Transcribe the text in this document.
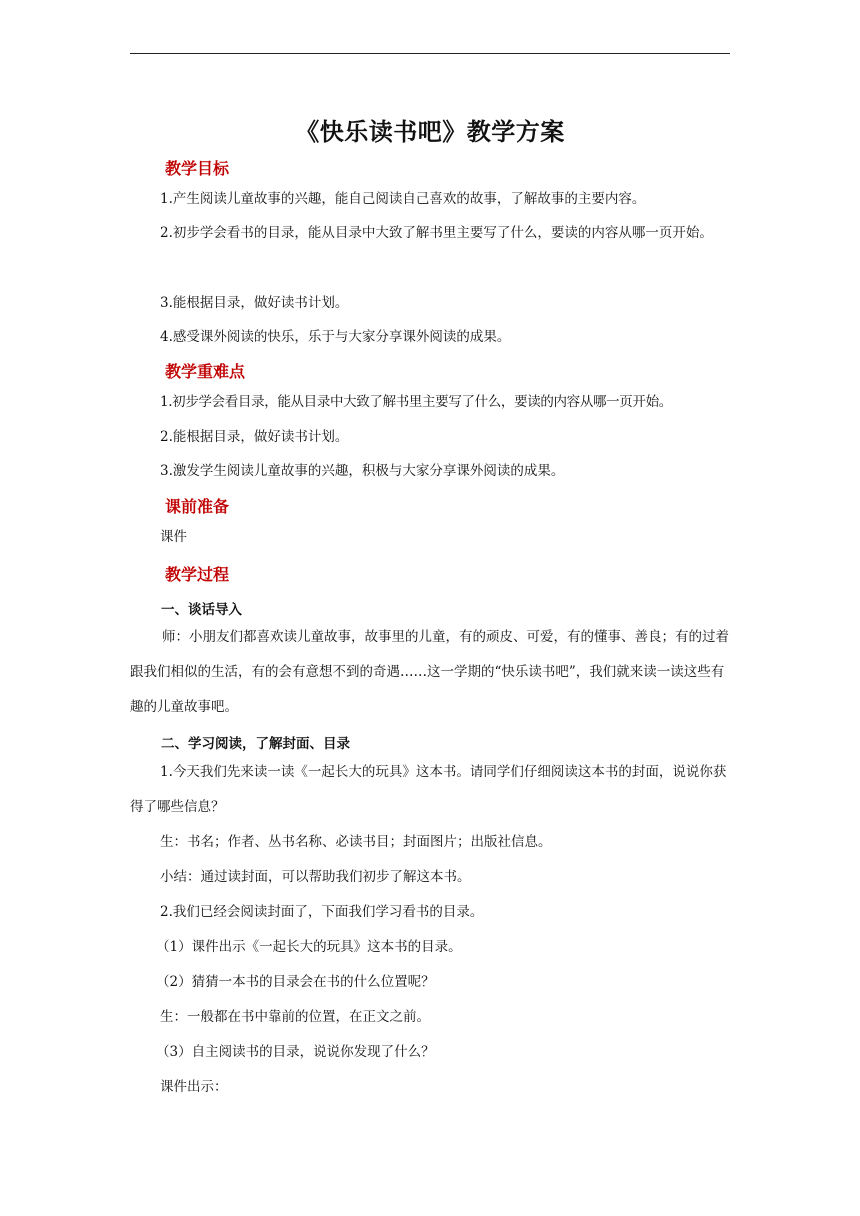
《快乐读书吧》教学方案
教学目标
1.产生阅读儿童故事的兴趣，能自己阅读自己喜欢的故事，了解故事的主要内容。
2.初步学会看书的目录，能从目录中大致了解书里主要写了什么，要读的内容从哪一页开始。
3.能根据目录，做好读书计划。
4.感受课外阅读的快乐，乐于与大家分享课外阅读的成果。
教学重难点
1.初步学会看目录，能从目录中大致了解书里主要写了什么，要读的内容从哪一页开始。
2.能根据目录，做好读书计划。
3.激发学生阅读儿童故事的兴趣，积极与大家分享课外阅读的成果。
课前准备
课件
教学过程
一、谈话导入
师：小朋友们都喜欢读儿童故事，故事里的儿童，有的顽皮、可爱，有的懂事、善良；有的过着跟我们相似的生活，有的会有意想不到的奇遇……这一学期的“快乐读书吧”，我们就来读一读这些有趣的儿童故事吧。
二、学习阅读，了解封面、目录
1.今天我们先来读一读《一起长大的玩具》这本书。请同学们仔细阅读这本书的封面，说说你获得了哪些信息？
生：书名；作者、丛书名称、必读书目；封面图片；出版社信息。
小结：通过读封面，可以帮助我们初步了解这本书。
2.我们已经会阅读封面了，下面我们学习看书的目录。
（1）课件出示《一起长大的玩具》这本书的目录。
（2）猜猜一本书的目录会在书的什么位置呢？
生：一般都在书中靠前的位置，在正文之前。
（3）自主阅读书的目录，说说你发现了什么？
课件出示：
